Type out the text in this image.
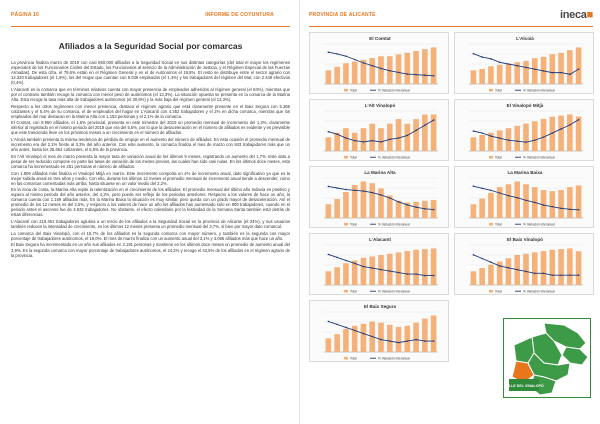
PÁGINA 10	INFORME DE COYUNTURA
Afiliados a la Seguridad Social por comarcas

La provincia finaliza marzo de 2019 con casi 650.000 afiliados a la Seguridad Social en sus distintas categorías (del total el mayor los regímenes especiales de los Funcionarios Civiles del Estado, los Funcionarios al servicio de la Administración de Justicia, y el Régimen Especial de las Fuerzas Armadas). De esta cifra, el 79,6% están en el Régimen General y en el de Autónomos el 19,8%. El resto se distribuye entre el sector agrario con 12.320 trabajadores (el 1,9%), los del Hogar que cuentan con 9.039 empleados (el 1,4%) y los trabajadores del régimen del Mar, con 2.449 efectivos (0,4%).

L'Alacantí es la comarca que en términos relativos cuenta con mayor presencia de empleados adheridos al régimen general (el 84%), mientras que por el contrario también recoge la comarca con menor peso de autónomos (el 13,3%). La situación opuesta se presenta en la comarca de la Marina Alta. Esta recoge la tasa más alta de trabajadores autónomos (el 30,6%) y la más baja del régimen general (el 13,3%).

Respecto a los otros regímenes con menor presencia, destaca el régimen agrario que está claramente presente en el Baix Segura con 5.365 cotizantes y el 5,4% de su comarca, el de empleados del hogar en L'Alacantí con 4.352 trabajadores y el 2% en dicha comarca, mientras que los empleados del mar destacan en la Marina Alta con 1.153 personas y el 2,1% de la comarca.

El Comtat, con 9.950 afiliados, el 1,5% provincial, presenta en este trimestre del 2019 un promedio mensual de incremento del 1,3%, claramente inferior al registrado en el mismo periodo del 2018 que era del 5,5%, por lo que la desaceleración en el número de afiliados es evidente y es previsible que este trascienda lleve en los próximos meses a un crecimiento en el número de afiliados.

L'Alcoià también presenta la misma tendencia de pérdida de empuje en el aumento del número de afiliados. En esta ocasión el promedio mensual de incremento era del 2,1% frente al 3,3% del año anterior. Con este aumento, la comarca finaliza el mes de marzo con 843 trabajadores más que un año antes, hasta los 35.652 cotizantes, el 5,5% de la provincia.

En l'Alt Vinalopó el mes de marzo presenta la mayor tasa de variación anual de los últimos 9 meses, registrando un aumento del 1,7%. Este dato a pesar de ser reducido compone en parte las tasas de variación de los meses previos, las cuales han sido casi nulas. En los últimos doce meses, esta comarca ha incrementado en 251 personas el número de afiliados.

Con 1.809 afiliados más finaliza el Vinalopó Mitjà en marzo. Este incremento comporta un 4% de incremento anual, dato significativo ya que es la mejor subida anual en tres años y medio. Con ello, durante los últimos 12 meses el promedio mensual de incremento anual tiende a descender, como en las comarcas comentadas más arriba, hasta situarse en un valor medio del 2,2%.

En la zona de costa, la Marina Alta repite la ralentización en el crecimiento de los afiliados. El promedio mensual del último año todavía es positivo y supera al mismo periodo del año anterior, del 4,2%, pero puede ser reflejo de los periodos anteriores. Respecto a los valores de hace un año, la comarca cuenta con 1.169 afiliados más. En la Marina Baixa la situación es muy similar, pero queda con un grado mayor de desaceleración. Así el promedio de los 12 meses es del 2,5%, y respecto a los valores de hace un año los afiliados han aumentado solo en 909 trabajadores, cuando en el periodo antes el ascenso fue de 3.632 trabajadores. No obstante, el efecto calendario por la festividad de la Semana Santa también está detrás de estas diferencias.

L'Alacantí con 219.461 trabajadores aglutina a un tercio de los afiliados a la Seguridad Social en la provincia de Alicante (el 34%), y sus usuarios también reducen la intensidad de crecimiento, en los últimos 12 meses presenta un promedio mensual del 3,7%, si bien por mayor dato comarcal.

La comarca del Baix Vinalopó, con el 15,7% de los afiliados es la segunda comarca con mayor número, y también es la segunda con mayor porcentaje de trabajadores autónomos, el 19,0%. El mes de marzo finaliza con un aumento anual del 3,1% y 3.066 afiliados más que hace un año.

El Baix Segura ha incrementado en un año sus afiliados en 2.191 personas y mantiene en los últimos doce meses un promedio de aumento anual del 3,9%. Es la segunda comarca con mayor porcentaje de trabajadores autónomos, el 24,2% y recoge el 43,5% de los afiliados en el régimen agrario de la provincia.

PROVINCIA DE ALICANTE	ineca■
El Comtat
Total	% Variación interanual
L'Alcoià
Total	% Variación interanual
L'Alt Vinalopó
Total	% Variación interanual
El Vinalopó Mitjà
Total	% Variación interanual
La Marina Alta
Total	% Variación interanual
La Marina Baixa
Total	% Variación interanual
L'Alacantí
Total	% Variación interanual
El Baix Vinalopó
Total	% Variación interanual
El Baix Segura
Total	% Variación interanual
VALLE DEL VINALOPÓ
